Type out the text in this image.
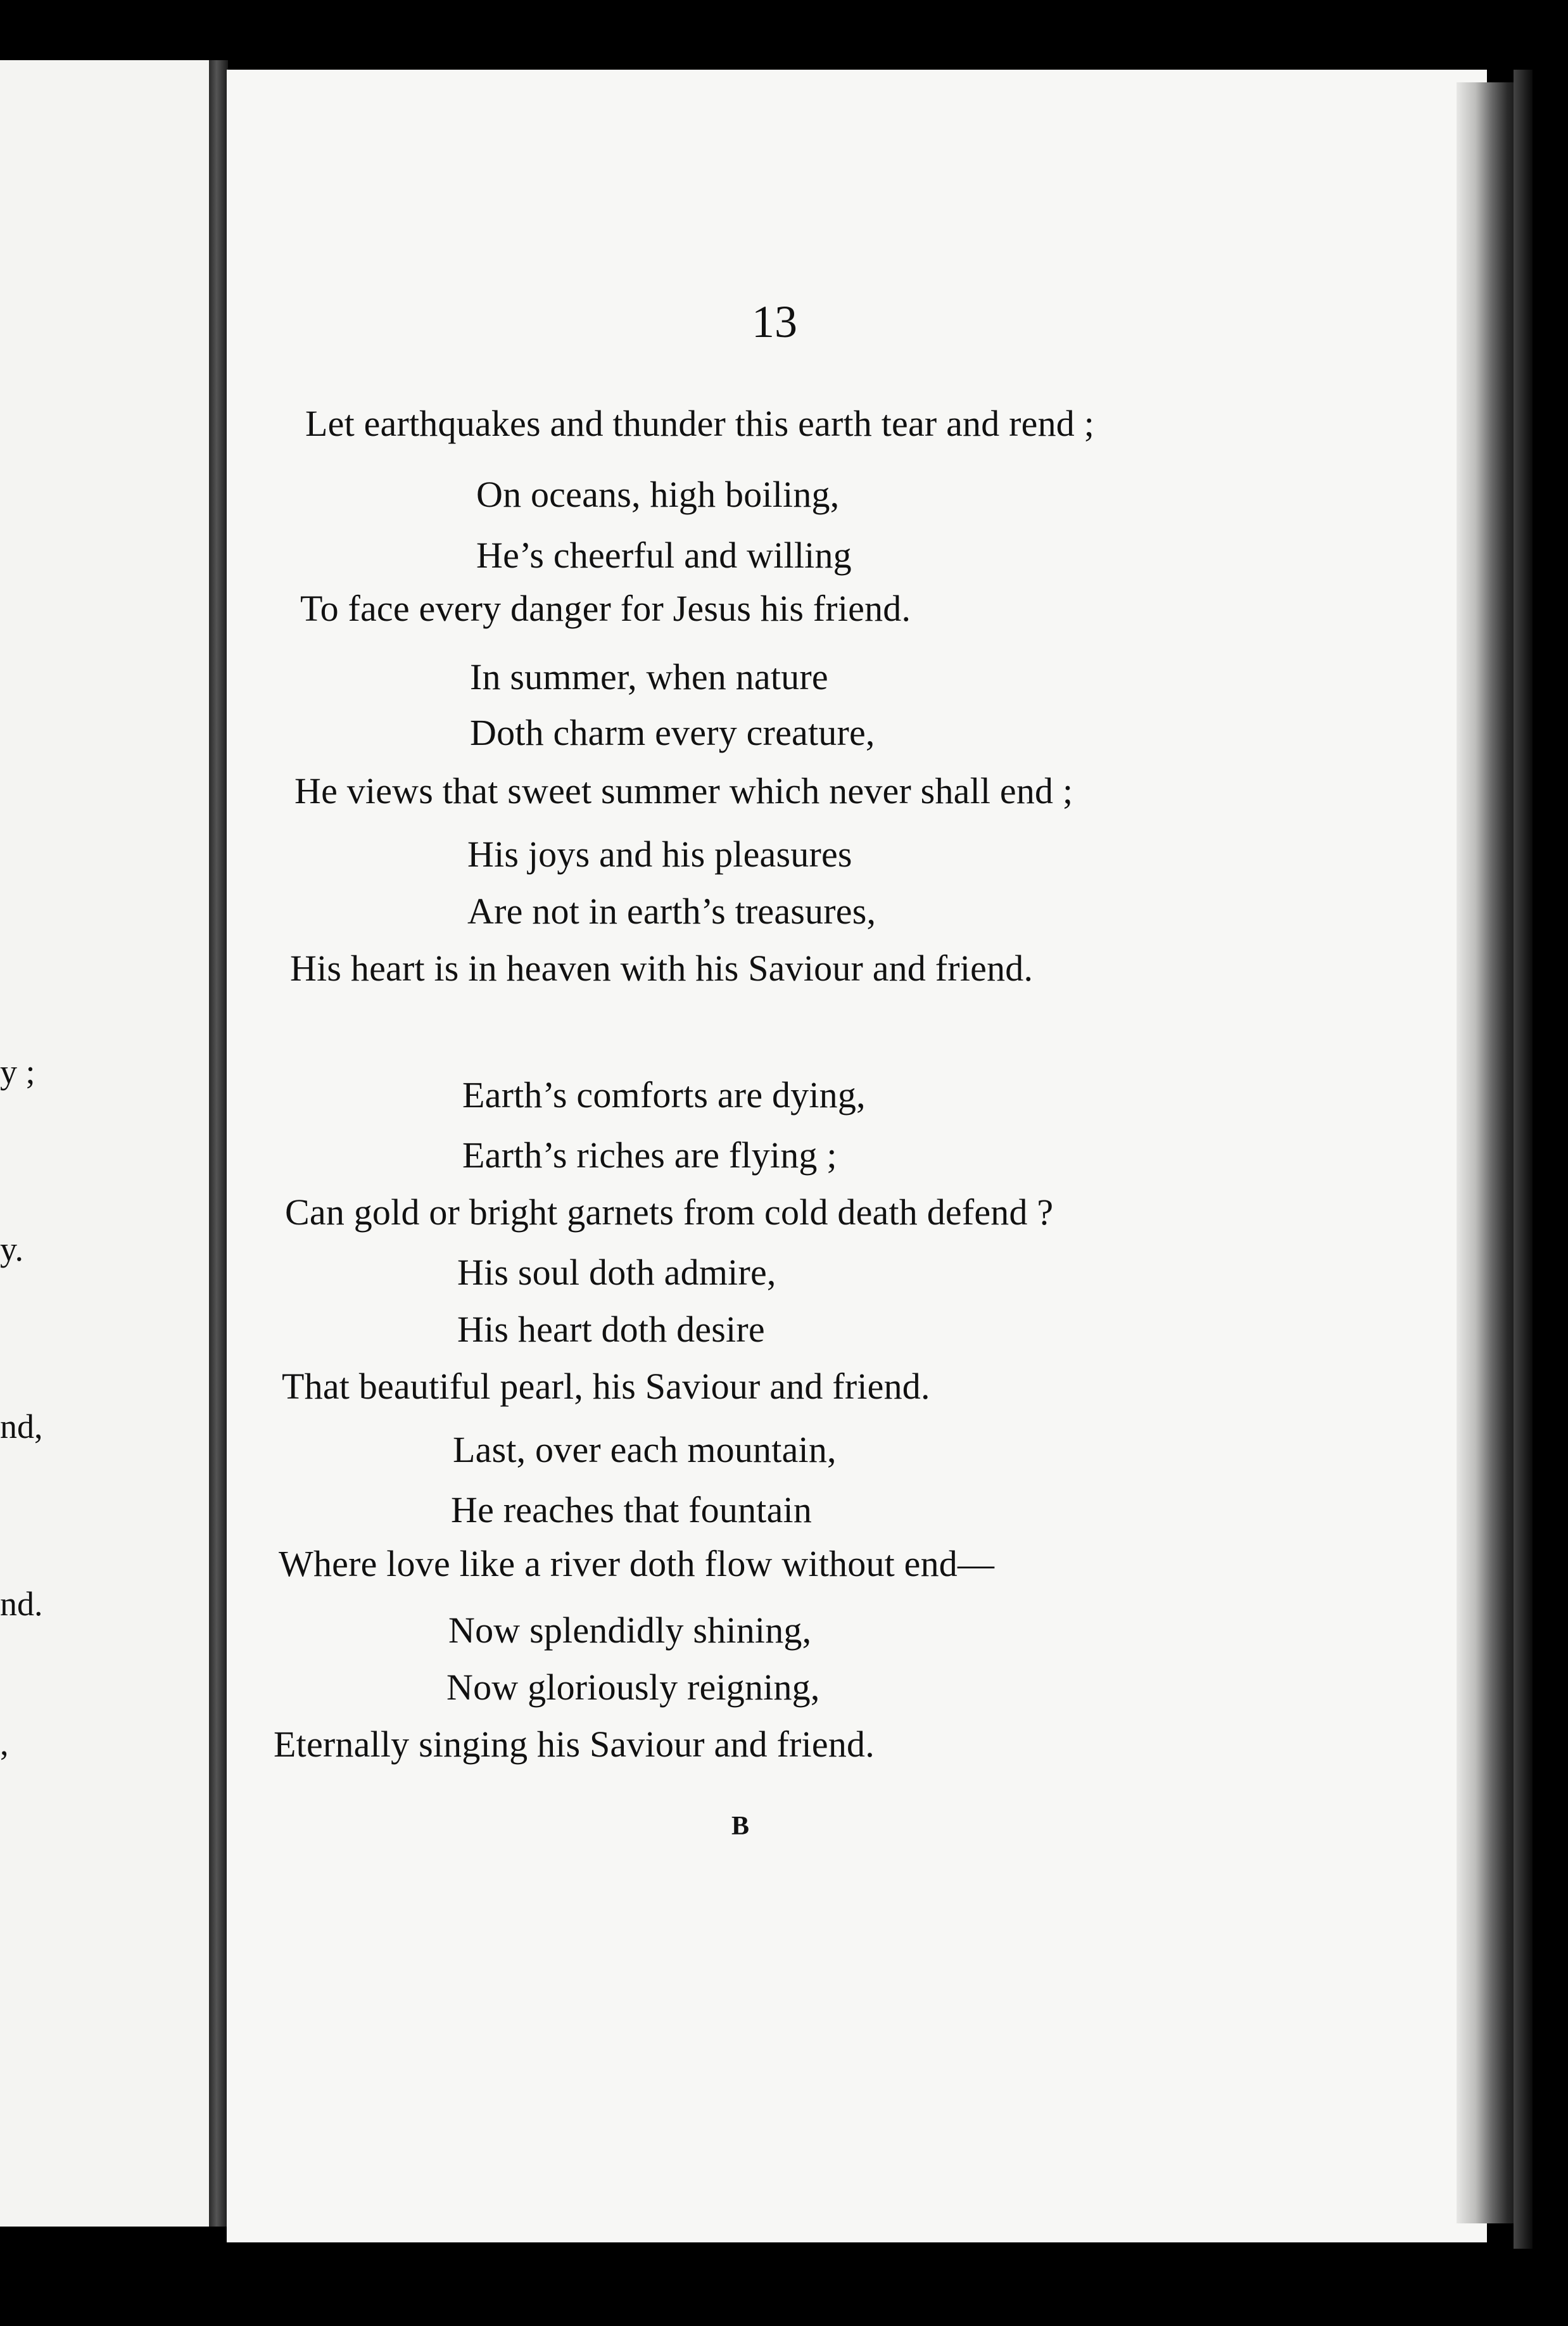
y ;
y.
nd,
nd.
,
13
Let earthquakes and thunder this earth tear and rend ;
On oceans, high boiling,
He’s cheerful and willing
To face every danger for Jesus his friend.
In summer, when nature
Doth charm every creature,
He views that sweet summer which never shall end ;
His joys and his pleasures
Are not in earth’s treasures,
His heart is in heaven with his Saviour and friend.
Earth’s comforts are dying,
Earth’s riches are flying ;
Can gold or bright garnets from cold death defend ?
His soul doth admire,
His heart doth desire
That beautiful pearl, his Saviour and friend.
Last, over each mountain,
He reaches that fountain
Where love like a river doth flow without end—
Now splendidly shining,
Now gloriously reigning,
Eternally singing his Saviour and friend.
B
